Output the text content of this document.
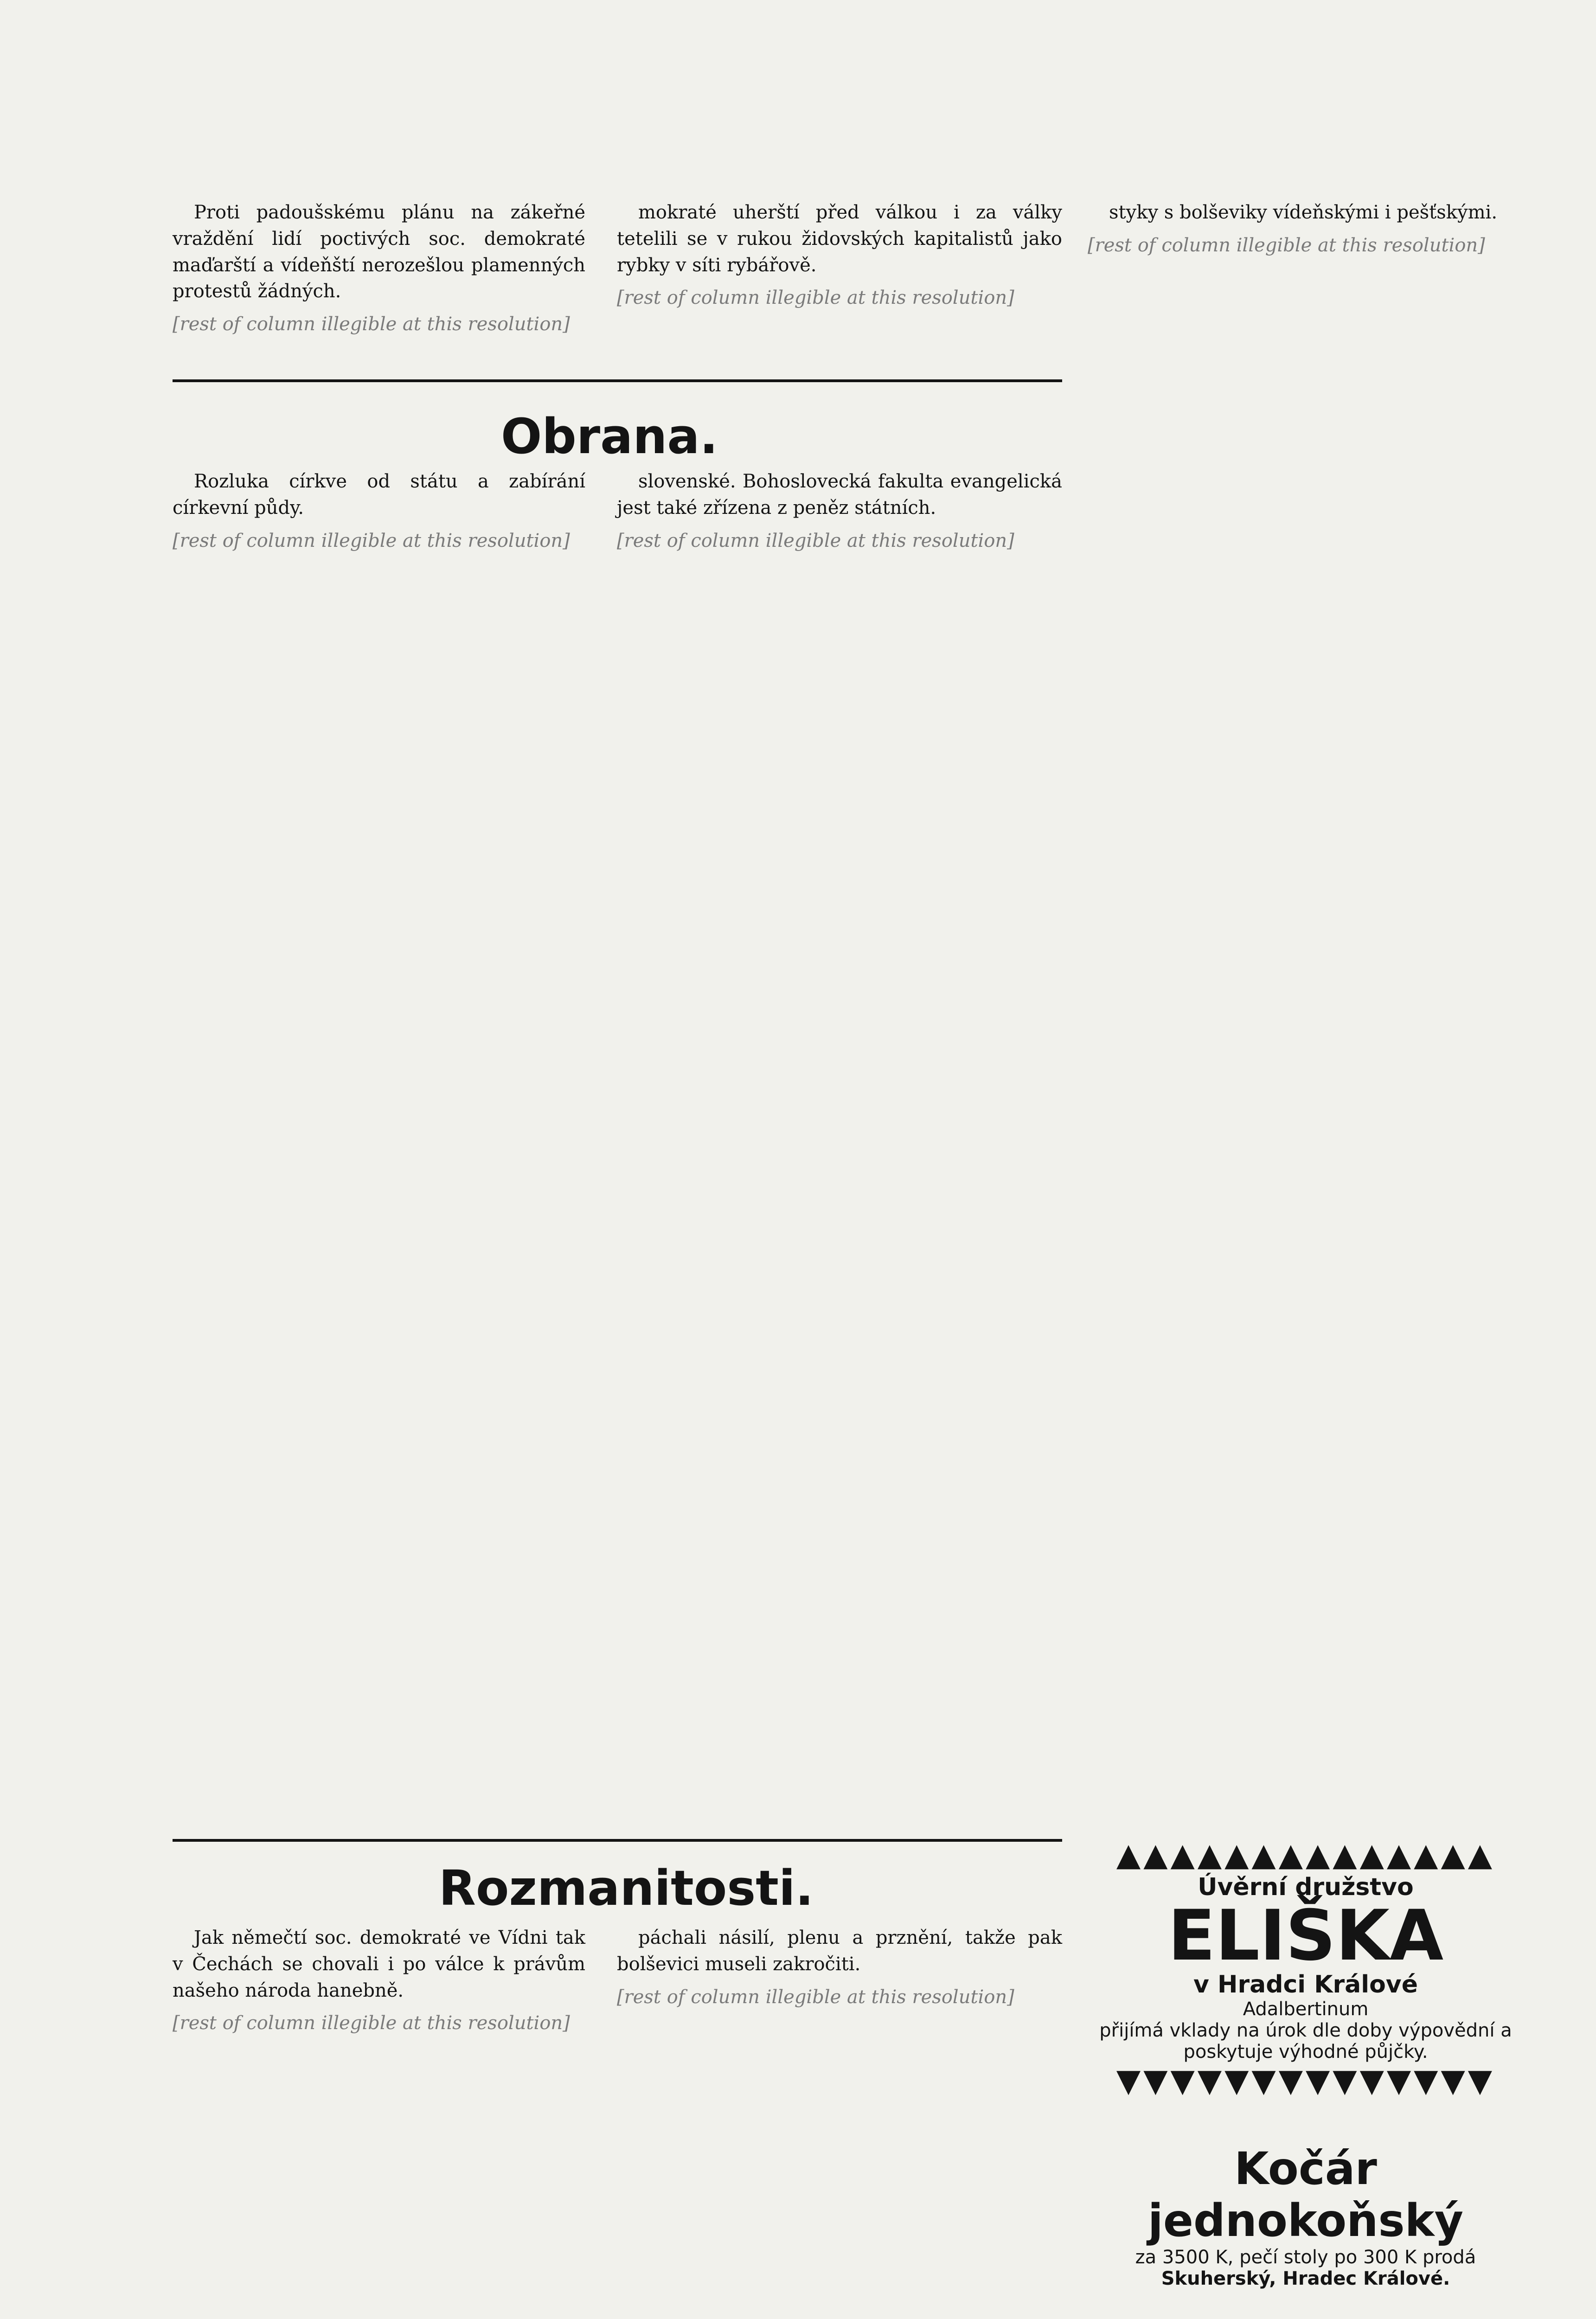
Proti padoušskému plánu na zákeřné vraždění lidí poctivých soc. demokraté maďarští a vídeňští nerozešlou plamenných protestů žádných.

[rest of column illegible at this resolution]

mokraté uherští před válkou i za války tetelili se v rukou židovských kapitalistů jako rybky v síti rybářově.

[rest of column illegible at this resolution]
Obrana.

Rozluka církve od státu a zabírání církevní půdy.

[rest of column illegible at this resolution]

slovenské. Bohoslovecká fakulta evangelická jest také zřízena z peněz státních.

[rest of column illegible at this resolution]

styky s bolševiky vídeňskými i pešťskými.

[rest of column illegible at this resolution]
Rozmanitosti.

Jak němečtí soc. demokraté ve Vídni tak v Čechách se chovali i po válce k právům našeho národa hanebně.

[rest of column illegible at this resolution]

páchali násilí, plenu a prznění, takže pak bolševici museli zakročiti.

[rest of column illegible at this resolution]
▲▲▲▲▲▲▲▲▲▲▲▲▲▲
Úvěrní družstvo
ELIŠKA
v Hradci Králové
Adalbertinum
přijímá vklady na úrok dle doby výpovědní a poskytuje výhodné půjčky.
▼▼▼▼▼▼▼▼▼▼▼▼▼▼
Kočár jednokoňský
za 3500 K, pečí stoly po 300 K prodá
Skuherský, Hradec Králové.
